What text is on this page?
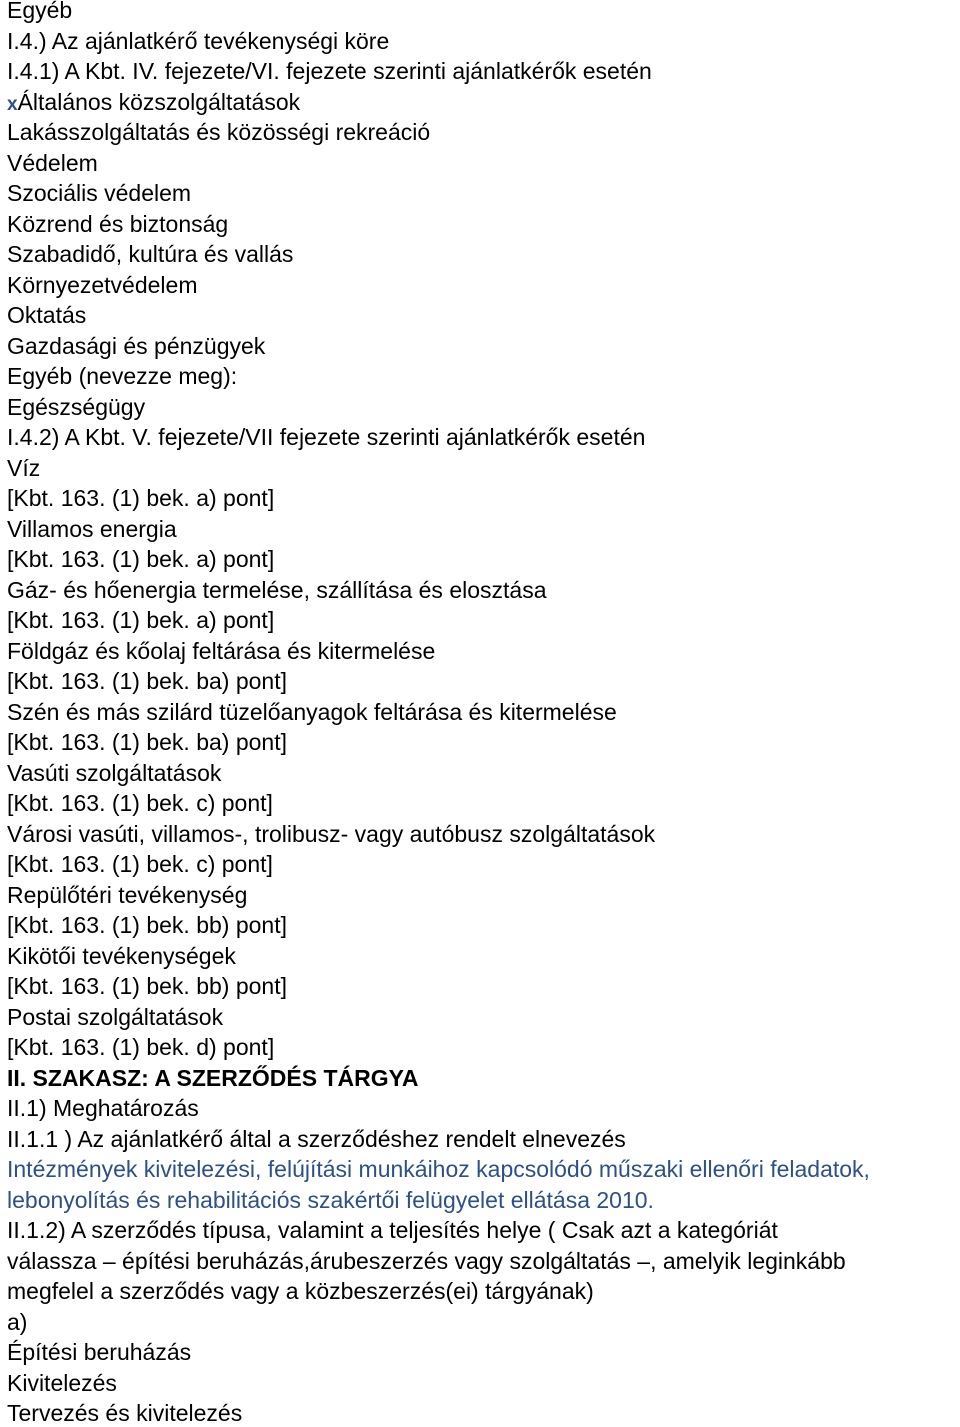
Egyéb
I.4.) Az ajánlatkérő tevékenységi köre
I.4.1) A Kbt. IV. fejezete/VI. fejezete szerinti ajánlatkérők esetén
xÁltalános közszolgáltatások
Lakásszolgáltatás és közösségi rekreáció
Védelem
Szociális védelem
Közrend és biztonság
Szabadidő, kultúra és vallás
Környezetvédelem
Oktatás
Gazdasági és pénzügyek
Egyéb (nevezze meg):
Egészségügy
I.4.2) A Kbt. V. fejezete/VII fejezete szerinti ajánlatkérők esetén
Víz
[Kbt. 163. (1) bek. a) pont]
Villamos energia
[Kbt. 163. (1) bek. a) pont]
Gáz- és hőenergia termelése, szállítása és elosztása
[Kbt. 163. (1) bek. a) pont]
Földgáz és kőolaj feltárása és kitermelése
[Kbt. 163. (1) bek. ba) pont]
Szén és más szilárd tüzelőanyagok feltárása és kitermelése
[Kbt. 163. (1) bek. ba) pont]
Vasúti szolgáltatások
[Kbt. 163. (1) bek. c) pont]
Városi vasúti, villamos-, trolibusz- vagy autóbusz szolgáltatások
[Kbt. 163. (1) bek. c) pont]
Repülőtéri tevékenység
[Kbt. 163. (1) bek. bb) pont]
Kikötői tevékenységek
[Kbt. 163. (1) bek. bb) pont]
Postai szolgáltatások
[Kbt. 163. (1) bek. d) pont]
II. SZAKASZ: A SZERZŐDÉS TÁRGYA
II.1) Meghatározás
II.1.1 ) Az ajánlatkérő által a szerződéshez rendelt elnevezés
Intézmények kivitelezési, felújítási munkáihoz kapcsolódó műszaki ellenőri feladatok,
lebonyolítás és rehabilitációs szakértői felügyelet ellátása 2010.
II.1.2) A szerződés típusa, valamint a teljesítés helye ( Csak azt a kategóriát
válassza – építési beruházás,árubeszerzés vagy szolgáltatás –, amelyik leginkább
megfelel a szerződés vagy a közbeszerzés(ei) tárgyának)
a)
Építési beruházás
Kivitelezés
Tervezés és kivitelezés
